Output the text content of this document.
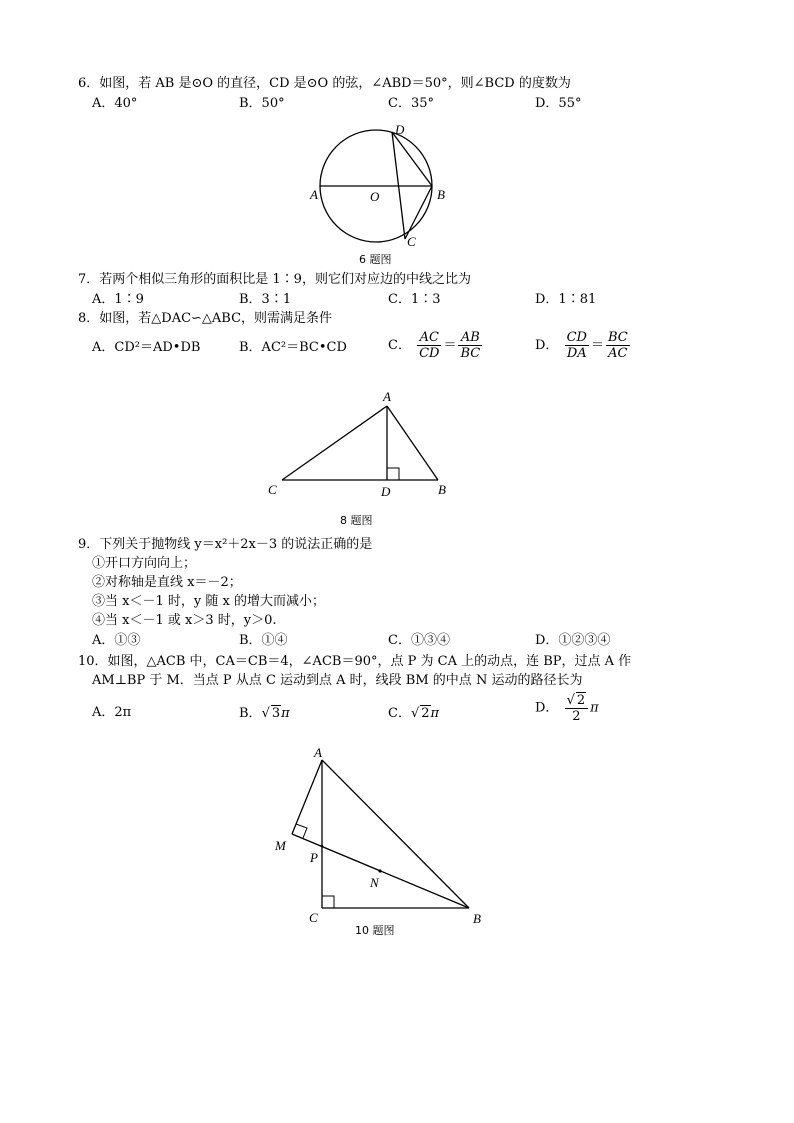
6．如图，若 AB 是⊙O 的直径，CD 是⊙O 的弦，∠ABD＝50°，则∠BCD 的度数为
A．40°	B．50°	C．35°	D．55°
D
A	O	B
C
6 题图
7．若两个相似三角形的面积比是 1∶9，则它们对应边的中线之比为
A．1∶9	B．3∶1	C．1∶3	D．1∶81
8．如图，若△DAC∽△ABC，则需满足条件
A．CD²＝AD•DB	B．AC²＝BC•CD	C． $\frac{AC}{CD} = \frac{AB}{BC}$	D． $\frac{CD}{DA} = \frac{BC}{AC}$
A
C	D	B
8 题图
9．下列关于抛物线 y＝x²＋2x－3 的说法正确的是
①开口方向向上；
②对称轴是直线 x＝－2；
③当 x＜－1 时，y 随 x 的增大而减小；
④当 x＜－1 或 x＞3 时，y＞0.
A．①③	B．①④	C．①③④	D．①②③④
10．如图，△ACB 中，CA＝CB＝4，∠ACB＝90°，点 P 为 CA 上的动点，连 BP，过点 A 作
AM⊥BP 于 M．当点 P 从点 C 运动到点 A 时，线段 BM 的中点 N 运动的路径长为
A．2π	B．√ 3π	C．√ 2π	D． $\frac{√ 2}{2}$ π
A
M
P
N
C	B
10 题图
